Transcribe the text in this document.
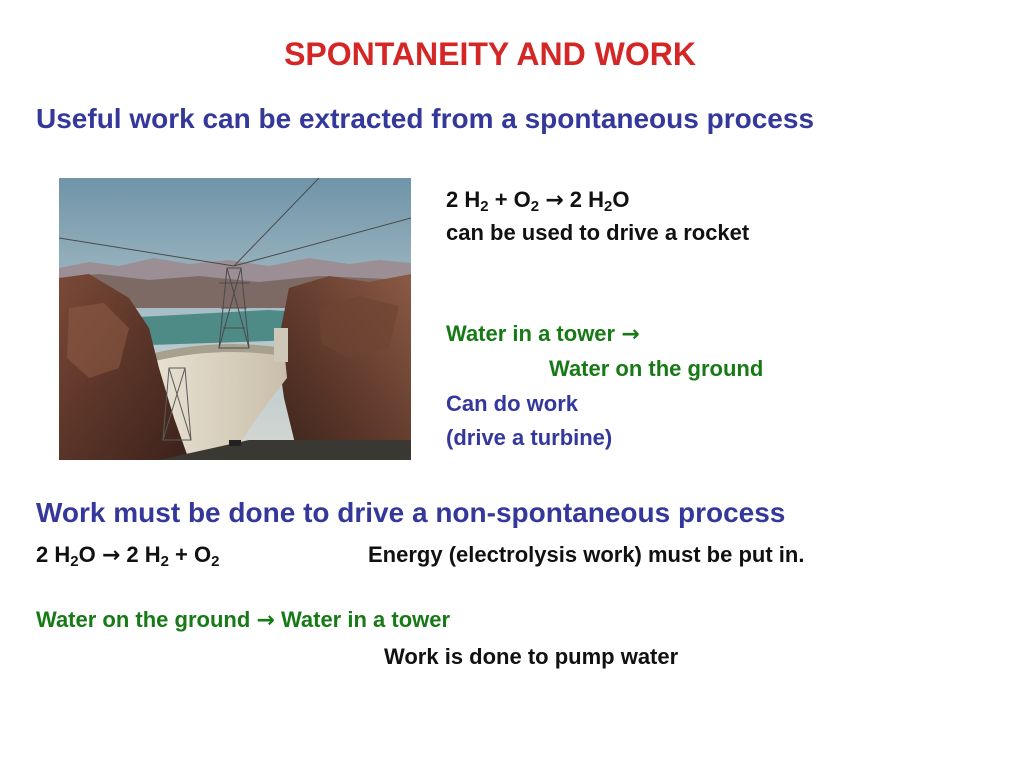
SPONTANEITY AND WORK
Useful work can be extracted from a spontaneous process
2 $H_2 + O_2 \to 2$ $H_2O$
can be used to drive a rocket
Water in a tower →
Water on the ground
Can do work
(drive a turbine)
Work must be done to drive a non-spontaneous process
2 $H_2O \to 2$ $H_2 + O_2$	Energy (electrolysis work) must be put in.
Water on the ground → Water in a tower
Work is done to pump water
